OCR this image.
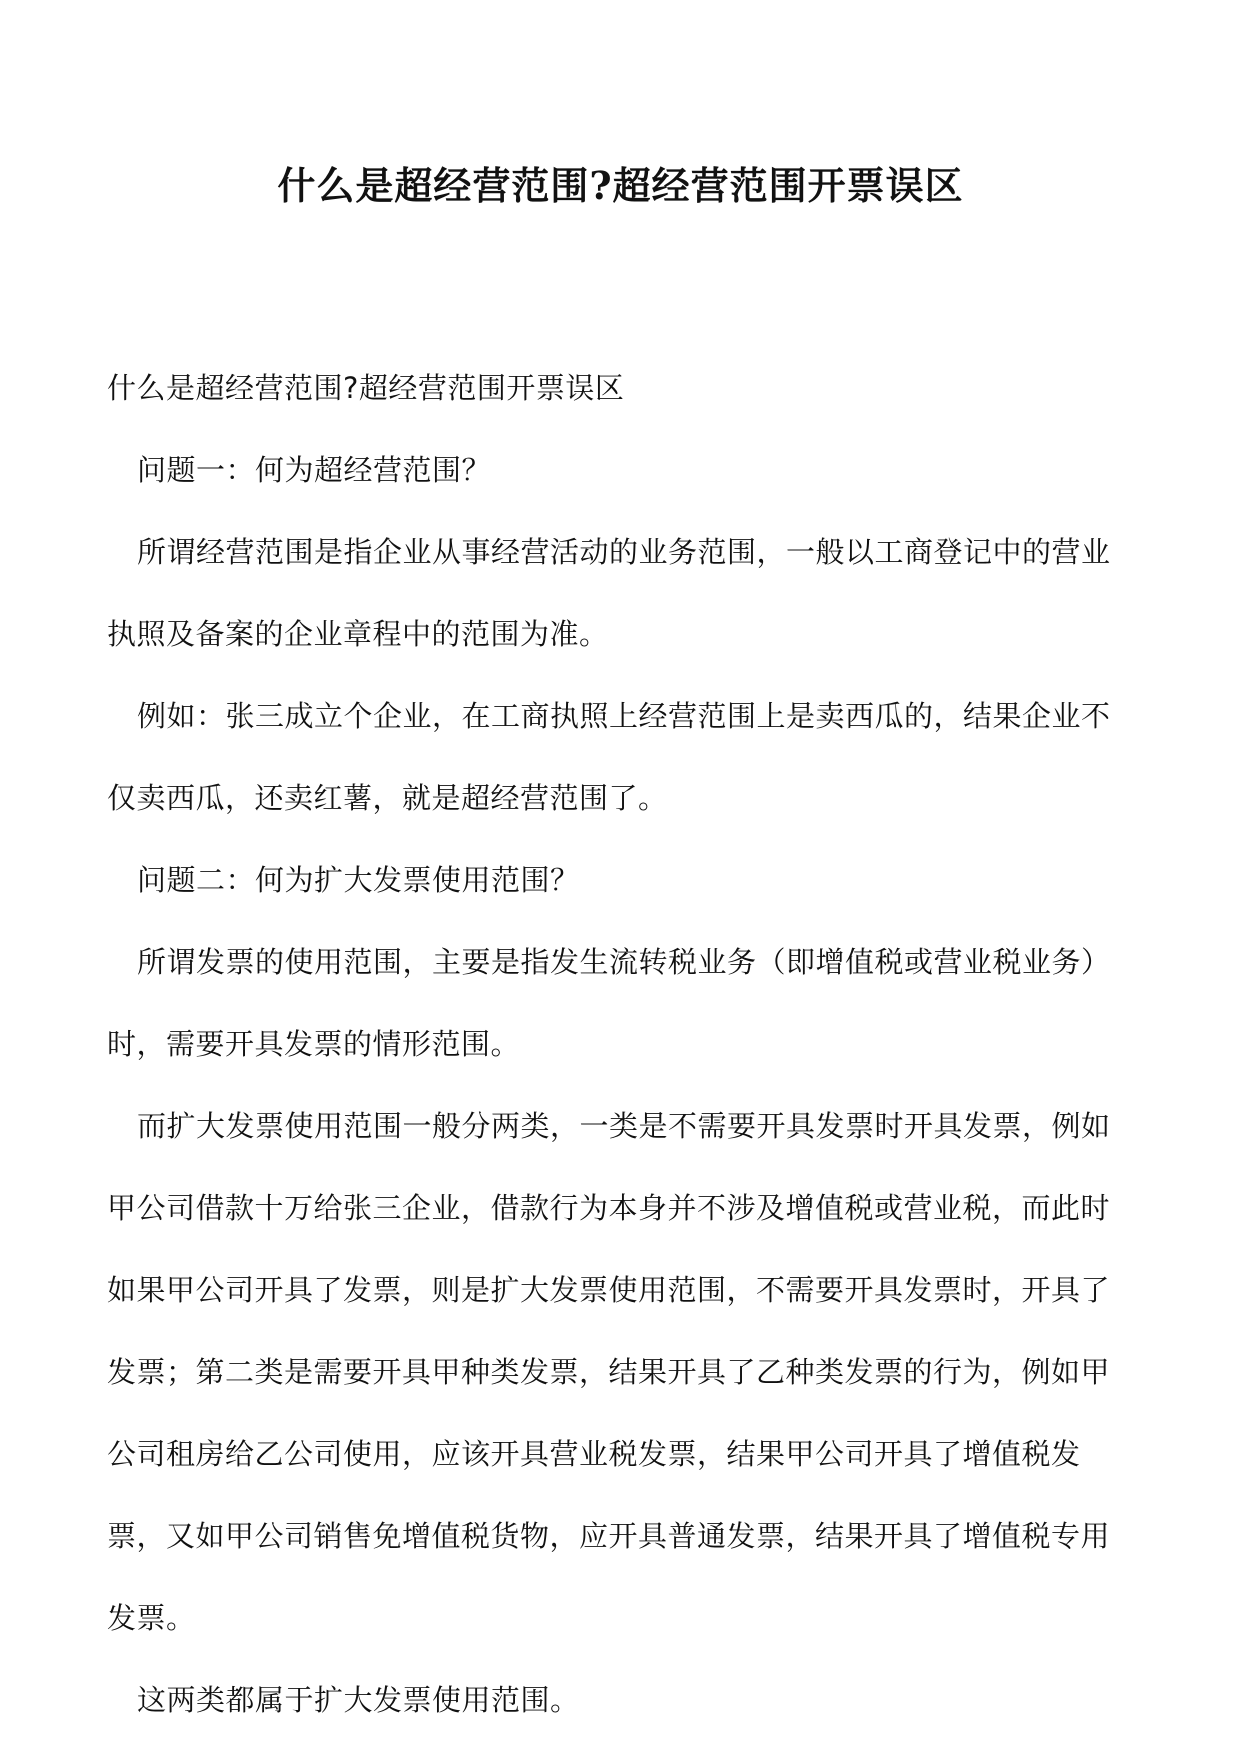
什么是超经营范围?超经营范围开票误区

什么是超经营范围?超经营范围开票误区

问题一：何为超经营范围？

所谓经营范围是指企业从事经营活动的业务范围，一般以工商登记中的营业执照及备案的企业章程中的范围为准。

例如：张三成立个企业，在工商执照上经营范围上是卖西瓜的，结果企业不仅卖西瓜，还卖红薯，就是超经营范围了。

问题二：何为扩大发票使用范围？

所谓发票的使用范围，主要是指发生流转税业务（即增值税或营业税业务）时，需要开具发票的情形范围。

而扩大发票使用范围一般分两类，一类是不需要开具发票时开具发票，例如甲公司借款十万给张三企业，借款行为本身并不涉及增值税或营业税，而此时如果甲公司开具了发票，则是扩大发票使用范围，不需要开具发票时，开具了发票；第二类是需要开具甲种类发票，结果开具了乙种类发票的行为，例如甲公司租房给乙公司使用，应该开具营业税发票，结果甲公司开具了增值税发票，又如甲公司销售免增值税货物，应开具普通发票，结果开具了增值税专用发票。

这两类都属于扩大发票使用范围。
